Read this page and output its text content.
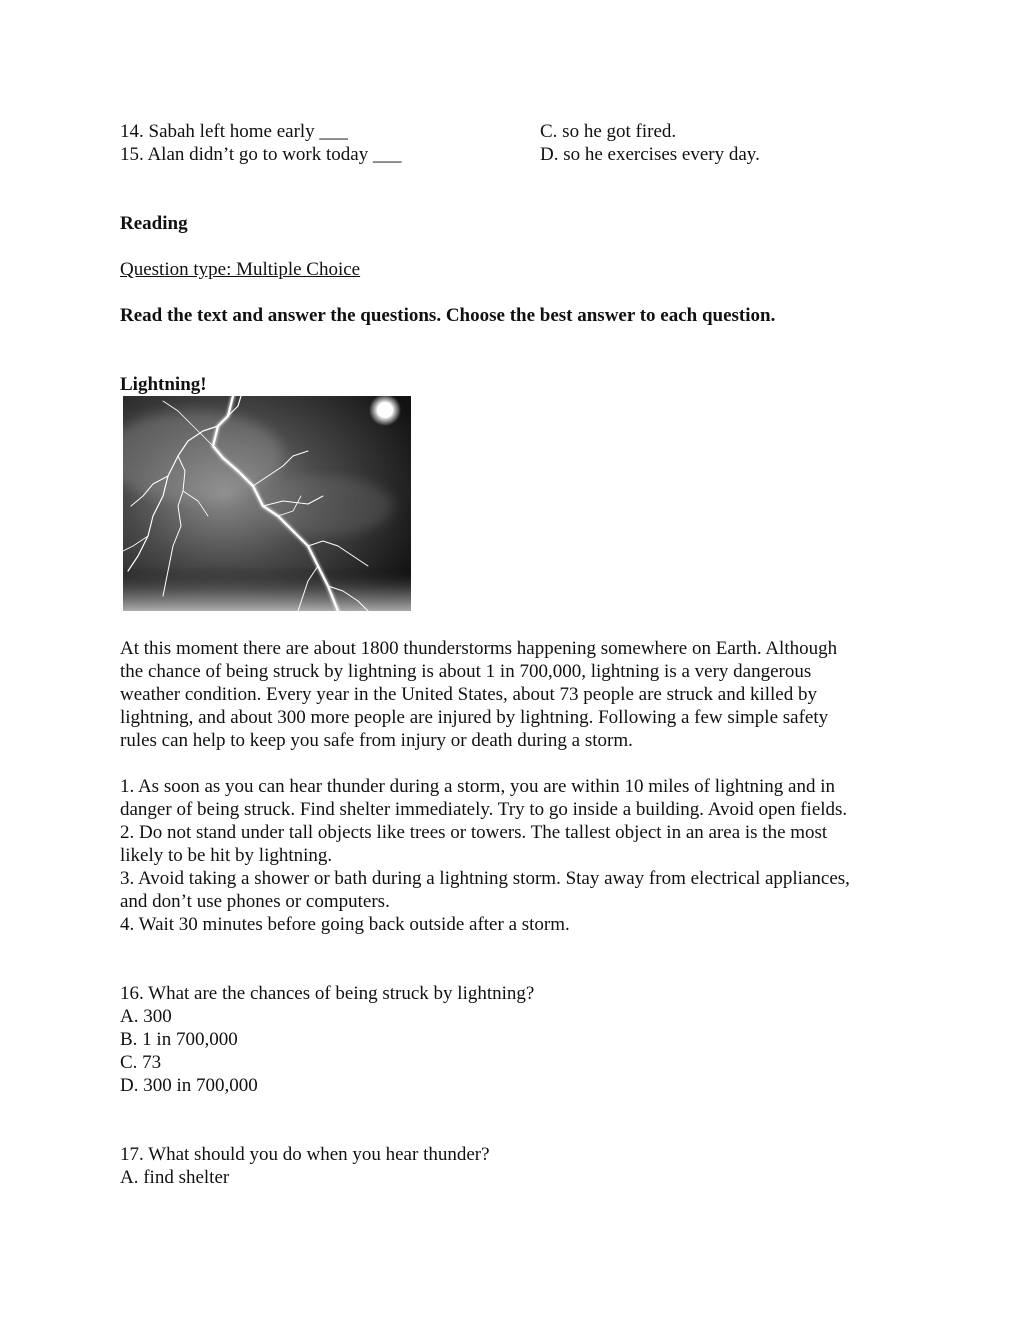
14. Sabah left home early ___	C. so he got fired.
15. Alan didn’t go to work today ___	D. so he exercises every day.
Reading
Question type: Multiple Choice
Read the text and answer the questions. Choose the best answer to each question.
Lightning!
At this moment there are about 1800 thunderstorms happening somewhere on Earth. Although
the chance of being struck by lightning is about 1 in 700,000, lightning is a very dangerous
weather condition. Every year in the United States, about 73 people are struck and killed by
lightning, and about 300 more people are injured by lightning. Following a few simple safety
rules can help to keep you safe from injury or death during a storm.
1. As soon as you can hear thunder during a storm, you are within 10 miles of lightning and in
danger of being struck. Find shelter immediately. Try to go inside a building. Avoid open fields.
2. Do not stand under tall objects like trees or towers. The tallest object in an area is the most
likely to be hit by lightning.
3. Avoid taking a shower or bath during a lightning storm. Stay away from electrical appliances,
and don’t use phones or computers.
4. Wait 30 minutes before going back outside after a storm.
16. What are the chances of being struck by lightning?
A. 300
B. 1 in 700,000
C. 73
D. 300 in 700,000
17. What should you do when you hear thunder?
A. find shelter
